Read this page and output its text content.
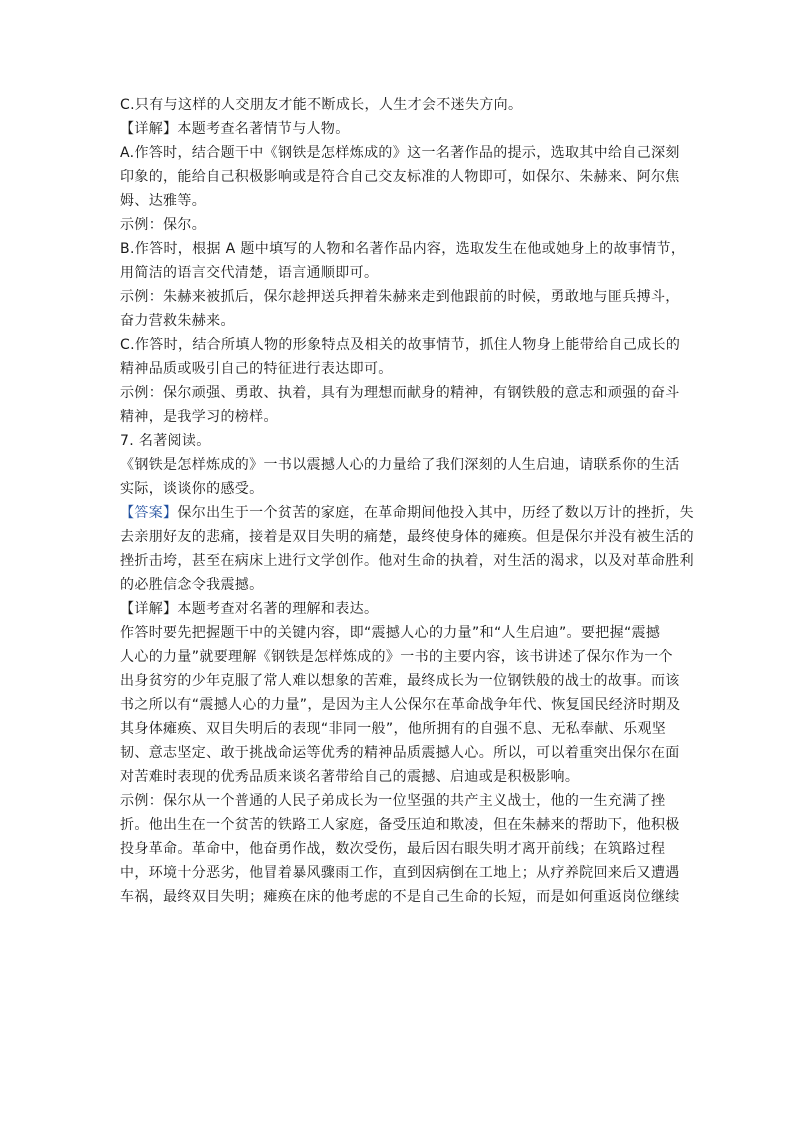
C.只有与这样的人交朋友才能不断成长，人生才会不迷失方向。
【详解】本题考查名著情节与人物。
A.作答时，结合题干中《钢铁是怎样炼成的》这一名著作品的提示，选取其中给自己深刻
印象的，能给自己积极影响或是符合自己交友标准的人物即可，如保尔、朱赫来、阿尔焦
姆、达雅等。
示例：保尔。
B.作答时，根据 A 题中填写的人物和名著作品内容，选取发生在他或她身上的故事情节，
用简洁的语言交代清楚，语言通顺即可。
示例：朱赫来被抓后，保尔趁押送兵押着朱赫来走到他跟前的时候，勇敢地与匪兵搏斗，
奋力营救朱赫来。
C.作答时，结合所填人物的形象特点及相关的故事情节，抓住人物身上能带给自己成长的
精神品质或吸引自己的特征进行表达即可。
示例：保尔顽强、勇敢、执着，具有为理想而献身的精神，有钢铁般的意志和顽强的奋斗
精神，是我学习的榜样。
7. 名著阅读。
《钢铁是怎样炼成的》一书以震撼人心的力量给了我们深刻的人生启迪，请联系你的生活
实际，谈谈你的感受。
【答案】保尔出生于一个贫苦的家庭，在革命期间他投入其中，历经了数以万计的挫折，失
去亲朋好友的悲痛，接着是双目失明的痛楚，最终使身体的瘫痪。但是保尔并没有被生活的
挫折击垮，甚至在病床上进行文学创作。他对生命的执着，对生活的渴求，以及对革命胜利
的必胜信念令我震撼。
【详解】本题考查对名著的理解和表达。
作答时要先把握题干中的关键内容，即“震撼人心的力量”和“人生启迪”。要把握“震撼
人心的力量”就要理解《钢铁是怎样炼成的》一书的主要内容，该书讲述了保尔作为一个
出身贫穷的少年克服了常人难以想象的苦难，最终成长为一位钢铁般的战士的故事。而该
书之所以有“震撼人心的力量”，是因为主人公保尔在革命战争年代、恢复国民经济时期及
其身体瘫痪、双目失明后的表现“非同一般”，他所拥有的自强不息、无私奉献、乐观坚
韧、意志坚定、敢于挑战命运等优秀的精神品质震撼人心。所以，可以着重突出保尔在面
对苦难时表现的优秀品质来谈名著带给自己的震撼、启迪或是积极影响。
示例：保尔从一个普通的人民子弟成长为一位坚强的共产主义战士，他的一生充满了挫
折。他出生在一个贫苦的铁路工人家庭，备受压迫和欺凌，但在朱赫来的帮助下，他积极
投身革命。革命中，他奋勇作战，数次受伤，最后因右眼失明才离开前线；在筑路过程
中，环境十分恶劣，他冒着暴风骤雨工作，直到因病倒在工地上；从疗养院回来后又遭遇
车祸，最终双目失明；瘫痪在床的他考虑的不是自己生命的长短，而是如何重返岗位继续
